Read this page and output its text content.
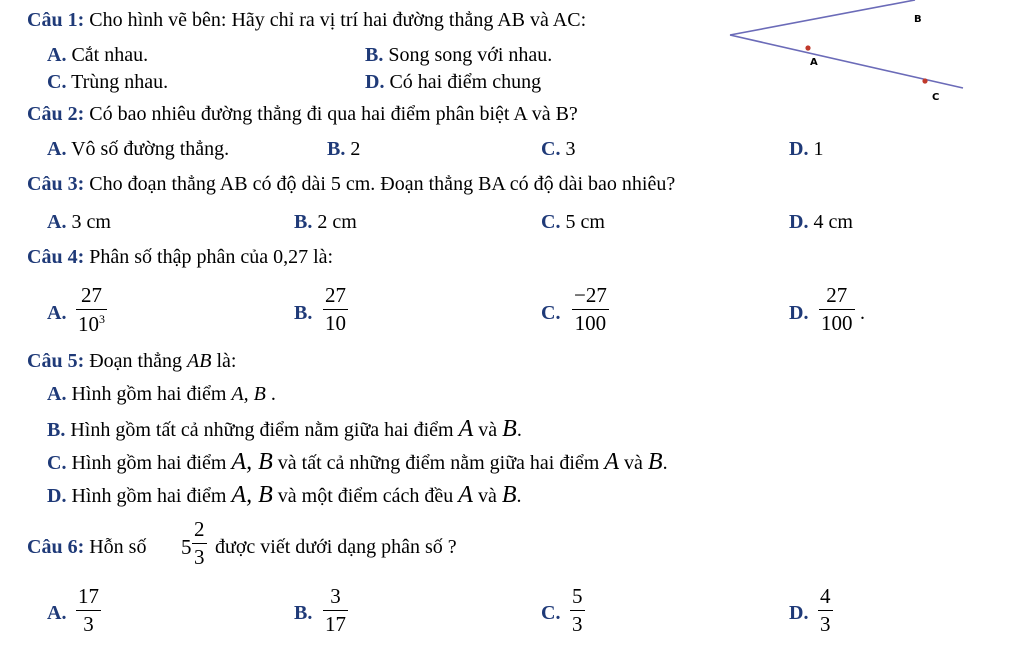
B
A
C
Câu 1: Cho hình vẽ bên: Hãy chỉ ra vị trí hai đường thẳng AB và AC:
A. Cắt nhau.	B. Song song với nhau.
C. Trùng nhau.	D. Có hai điểm chung
Câu 2: Có bao nhiêu đường thẳng đi qua hai điểm phân biệt A và B?
A. Vô số đường thẳng.	B. 2	C. 3	D. 1
Câu 3: Cho đoạn thẳng AB có độ dài 5 cm. Đoạn thẳng BA có độ dài bao nhiêu?
A. 3 cm	B. 2 cm	C. 5 cm	D. 4 cm
Câu 4: Phân số thập phân của 0,27 là:
A.
27
$10^3$	B.
27
10	C.
−27
100	D.
27
100 .
Câu 5: Đoạn thẳng AB là:
A. Hình gồm hai điểm A, B .
B. Hình gồm tất cả những điểm nằm giữa hai điểm A và B.
C. Hình gồm hai điểm A, B và tất cả những điểm nằm giữa hai điểm A và B.
D. Hình gồm hai điểm A, B và một điểm cách đều A và B.
Câu 6: Hỗn số 5
2
3 được viết dưới dạng phân số ?
A.
17
3	B.
3
17	C.
5
3	D.
4
3
